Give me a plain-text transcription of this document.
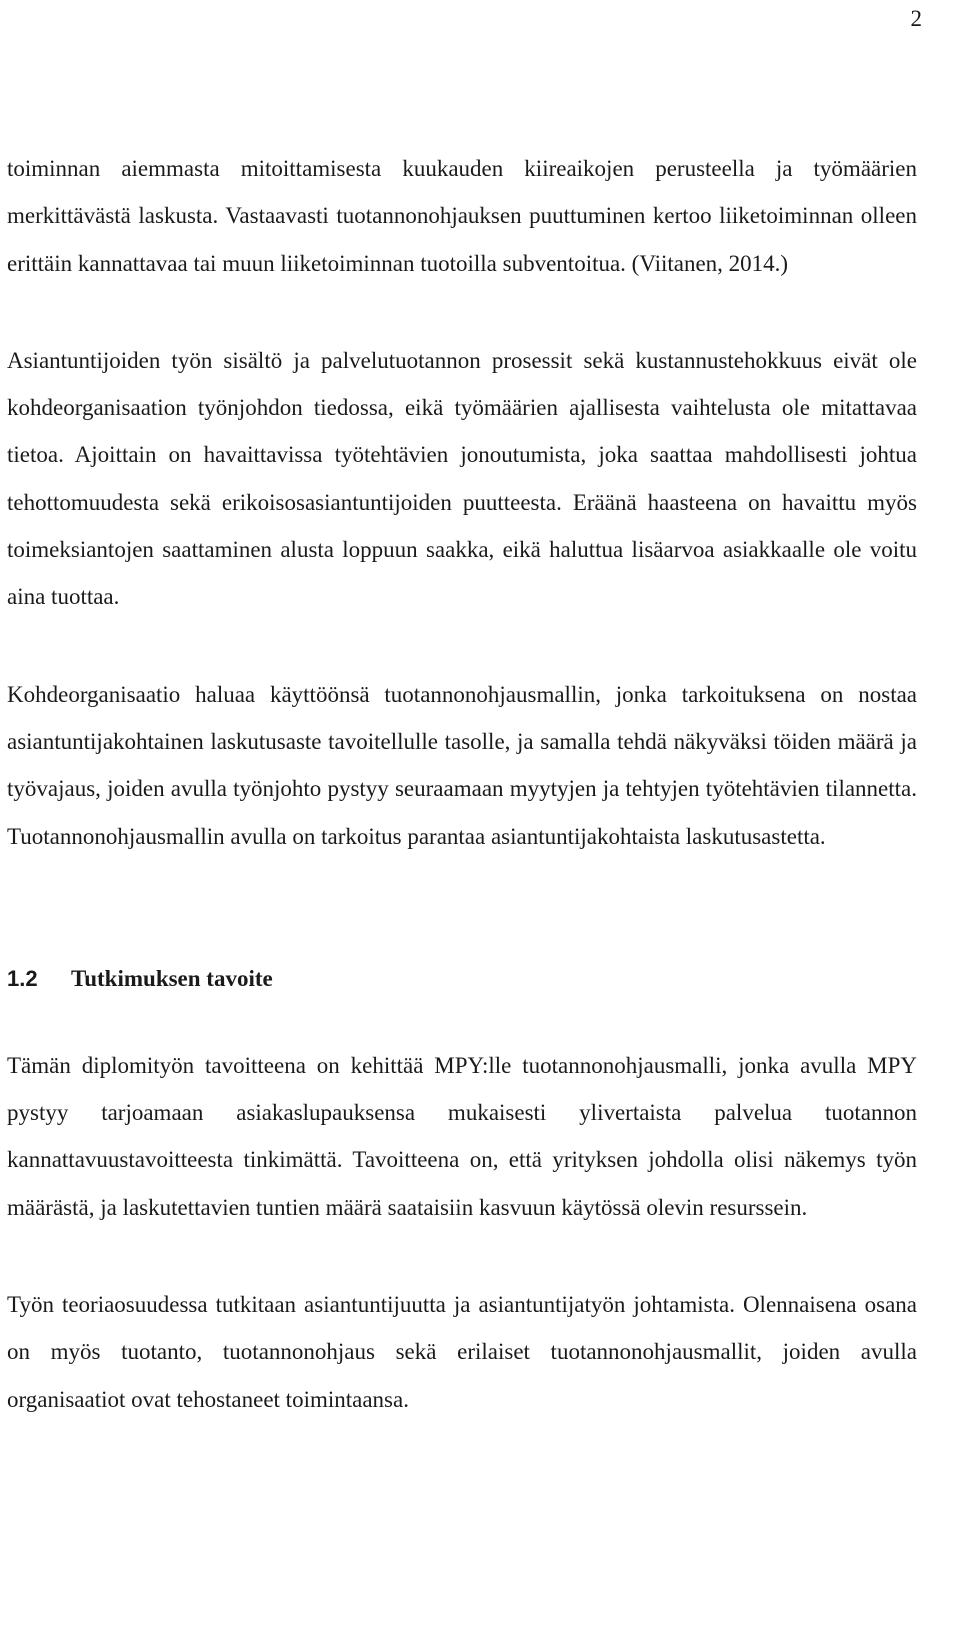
2

toiminnan aiemmasta mitoittamisesta kuukauden kiireaikojen perusteella ja työmäärien merkittävästä laskusta. Vastaavasti tuotannonohjauksen puuttuminen kertoo liiketoiminnan olleen erittäin kannattavaa tai muun liiketoiminnan tuotoilla subventoitua. (Viitanen, 2014.)

Asiantuntijoiden työn sisältö ja palvelutuotannon prosessit sekä kustannustehokkuus eivät ole kohdeorganisaation työnjohdon tiedossa, eikä työmäärien ajallisesta vaihtelusta ole mitattavaa tietoa. Ajoittain on havaittavissa työtehtävien jonoutumista, joka saattaa mahdollisesti johtua tehottomuudesta sekä erikoisosasiantuntijoiden puutteesta. Eräänä haasteena on havaittu myös toimeksiantojen saattaminen alusta loppuun saakka, eikä haluttua lisäarvoa asiakkaalle ole voitu aina tuottaa.

Kohdeorganisaatio haluaa käyttöönsä tuotannonohjausmallin, jonka tarkoituksena on nostaa asiantuntijakohtainen laskutusaste tavoitellulle tasolle, ja samalla tehdä näkyväksi töiden määrä ja työvajaus, joiden avulla työnjohto pystyy seuraamaan myytyjen ja tehtyjen työtehtävien tilannetta. Tuotannonohjausmallin avulla on tarkoitus parantaa asiantuntijakohtaista laskutusastetta.

1.2	Tutkimuksen tavoite

Tämän diplomityön tavoitteena on kehittää MPY:lle tuotannonohjausmalli, jonka avulla MPY pystyy tarjoamaan asiakaslupauksensa mukaisesti ylivertaista palvelua tuotannon kannattavuustavoitteesta tinkimättä. Tavoitteena on, että yrityksen johdolla olisi näkemys työn määrästä, ja laskutettavien tuntien määrä saataisiin kasvuun käytössä olevin resurssein.

Työn teoriaosuudessa tutkitaan asiantuntijuutta ja asiantuntijatyön johtamista. Olennaisena osana on myös tuotanto, tuotannonohjaus sekä erilaiset tuotannonohjausmallit, joiden avulla organisaatiot ovat tehostaneet toimintaansa.
